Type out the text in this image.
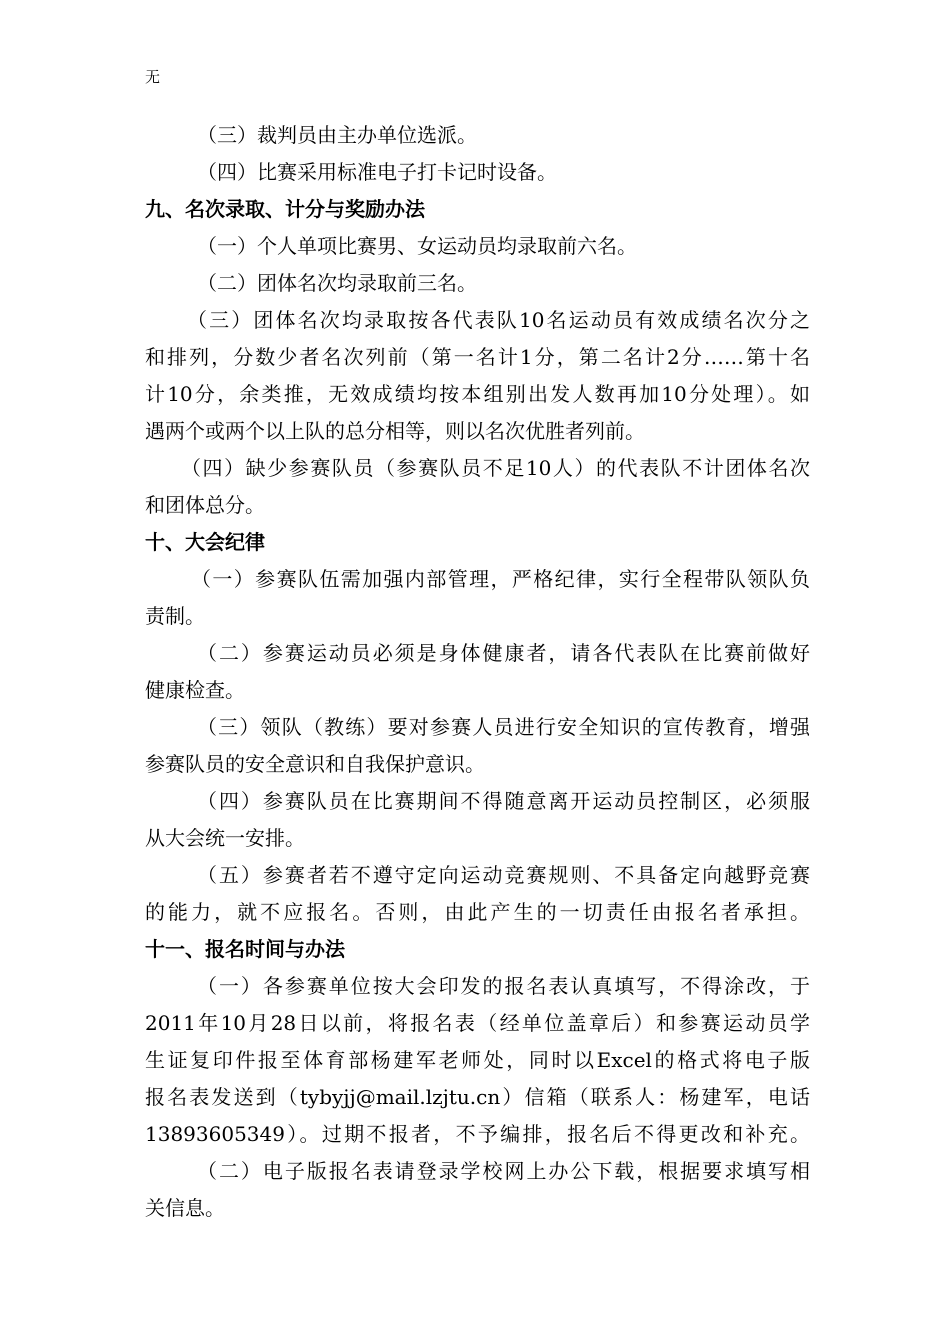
无
（三）裁判员由主办单位选派。
（四）比赛采用标准电子打卡记时设备。
九、名次录取、计分与奖励办法
（一）个人单项比赛男、女运动员均录取前六名。
（二）团体名次均录取前三名。
（三）团体名次均录取按各代表队10名运动员有效成绩名次分之
和排列，分数少者名次列前（第一名计1分，第二名计2分……第十名
计10分，余类推，无效成绩均按本组别出发人数再加10分处理）。如
遇两个或两个以上队的总分相等，则以名次优胜者列前。
（四）缺少参赛队员（参赛队员不足10人）的代表队不计团体名次
和团体总分。
十、大会纪律
（一）参赛队伍需加强内部管理，严格纪律，实行全程带队领队负
责制。
（二）参赛运动员必须是身体健康者，请各代表队在比赛前做好
健康检查。
（三）领队（教练）要对参赛人员进行安全知识的宣传教育，增强
参赛队员的安全意识和自我保护意识。
（四）参赛队员在比赛期间不得随意离开运动员控制区，必须服
从大会统一安排。
（五）参赛者若不遵守定向运动竞赛规则、不具备定向越野竞赛
的能力，就不应报名。否则，由此产生的一切责任由报名者承担。
十一、报名时间与办法
（一）各参赛单位按大会印发的报名表认真填写，不得涂改，于
2011年10月28日以前，将报名表（经单位盖章后）和参赛运动员学
生证复印件报至体育部杨建军老师处，同时以Excel的格式将电子版
报名表发送到（tybyjj@mail.lzjtu.cn）信箱（联系人：杨建军，电话
13893605349）。过期不报者，不予编排，报名后不得更改和补充。
（二）电子版报名表请登录学校网上办公下载，根据要求填写相
关信息。
